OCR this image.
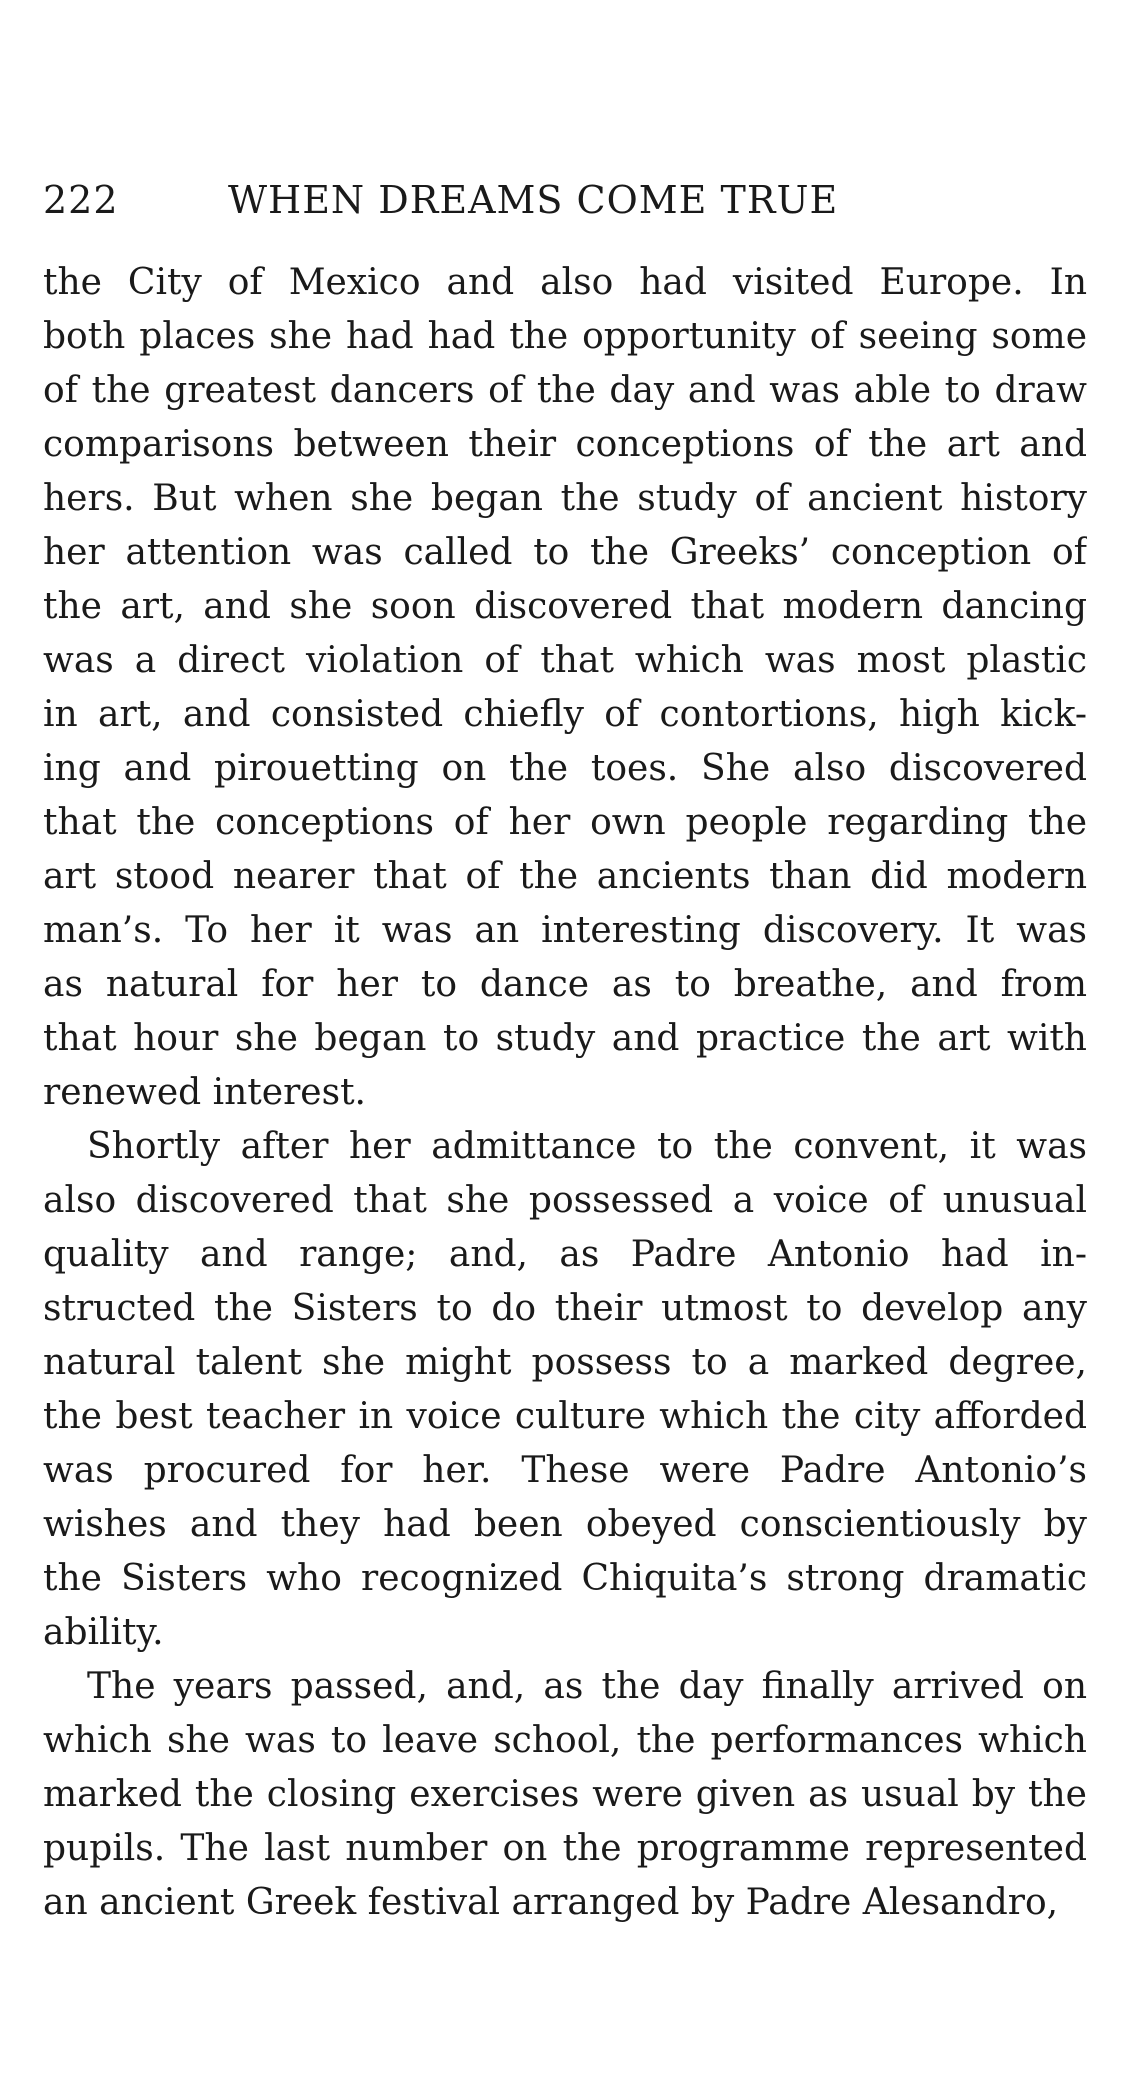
222	WHEN DREAMS COME TRUE
the City of Mexico and also had visited Europe. In
both places she had had the opportunity of seeing some
of the greatest dancers of the day and was able to draw
comparisons between their conceptions of the art and
hers. But when she began the study of ancient history
her attention was called to the Greeks’ conception of
the art, and she soon discovered that modern dancing
was a direct violation of that which was most plastic
in art, and consisted chiefly of contortions, high kick-
ing and pirouetting on the toes. She also discovered
that the conceptions of her own people regarding the
art stood nearer that of the ancients than did modern
man’s. To her it was an interesting discovery. It was
as natural for her to dance as to breathe, and from
that hour she began to study and practice the art with
renewed interest.
Shortly after her admittance to the convent, it was
also discovered that she possessed a voice of unusual
quality and range; and, as Padre Antonio had in-
structed the Sisters to do their utmost to develop any
natural talent she might possess to a marked degree,
the best teacher in voice culture which the city afforded
was procured for her. These were Padre Antonio’s
wishes and they had been obeyed conscientiously by
the Sisters who recognized Chiquita’s strong dramatic
ability.
The years passed, and, as the day finally arrived on
which she was to leave school, the performances which
marked the closing exercises were given as usual by the
pupils. The last number on the programme represented
an ancient Greek festival arranged by Padre Alesandro,
